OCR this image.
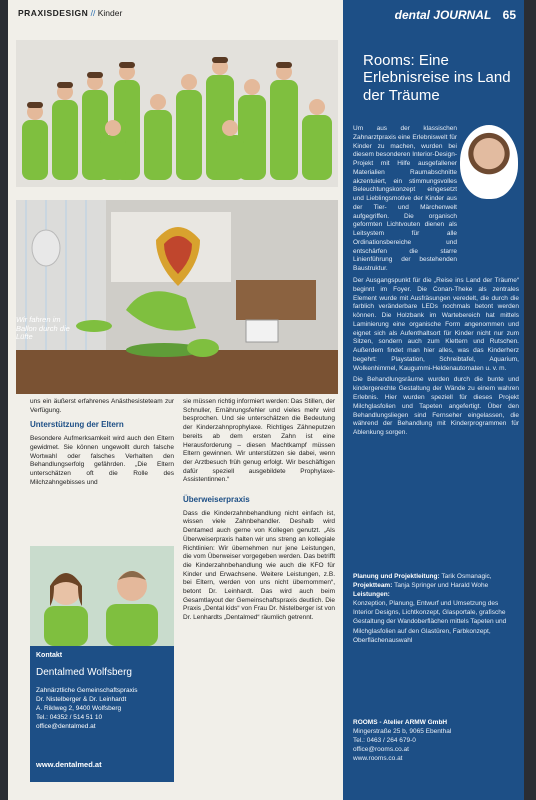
PRAXISDESIGN // Kinder
Wir fahren im Ballon durch die Lüfte

uns ein äußerst erfahrenes Anästhesisteteam zur Verfügung.

Unterstützung der Eltern

Besondere Aufmerksamkeit wird auch den Eltern gewidmet. Sie können ungewollt durch falsche Wortwahl oder falsches Verhalten den Behandlungserfolg gefährden. „Die Eltern unterschätzen oft die Rolle des Milchzahngebisses und

Kontakt
Dentalmed Wolfsberg
Zahnärztliche Gemeinschaftspraxis
Dr. Nistelberger & Dr. Leinhardt
A. Riklweg 2, 9400 Wolfsberg
Tel.: 04352 / 514 51 10
office@dentalmed.at
www.dentalmed.at

sie müssen richtig informiert werden: Das Stillen, der Schnuller, Ernährungsfehler und vieles mehr wird besprochen. Und sie unterschätzen die Bedeutung der Kinderzahnprophylaxe. Richtiges Zähneputzen bereits ab dem ersten Zahn ist eine Herausforderung – diesen Machtkampf müssen Eltern gewinnen. Wir unterstützen sie dabei, wenn der Arztbesuch früh genug erfolgt. Wir beschäftigen dafür speziell ausgebildete Prophylaxe-Assistentinnen.“

Überweiserpraxis

Dass die Kinderzahnbehandlung nicht einfach ist, wissen viele Zahnbehandler. Deshalb wird Dentamed auch gerne von Kollegen genutzt. „Als Überweiserpraxis halten wir uns streng an kollegiale Richtlinien: Wir übernehmen nur jene Leistungen, die vom Überweiser vorgegeben werden. Das betrifft die Kinderzahnbehandlung wie auch die KFO für Kinder und Erwachsene. Weitere Leistungen, z.B. bei Eltern, werden von uns nicht übernommen“, betont Dr. Leinhardt. Das wird auch beim Gesamtlayout der Gemeinschaftspraxis deutlich. Die Praxis „Dental kids“ von Frau Dr. Nistelberger ist von Dr. Lenhardts „Dentalmed“ räumlich getrennt.

dental JOURNAL 65
Rooms: Eine Erlebnisreise ins Land der Träume

Um aus der klassischen Zahnarztpraxis eine Erlebniswelt für Kinder zu machen, wurden bei diesem besonderen Interior-Design-Projekt mit Hilfe ausgefallener Materialien Raumabschnitte akzentuiert, ein stimmungsvolles Beleuchtungskonzept eingesetzt und Lieblingsmotive der Kinder aus der Tier- und Märchenwelt aufgegriffen. Die organisch geformten Lichtvouten dienen als Leitsystem für alle Ordinationsbereiche und entschärfen die starre Linienführung der bestehenden Baustruktur.

Der Ausgangspunkt für die „Reise ins Land der Träume“ beginnt im Foyer. Die Conan-Theke als zentrales Element wurde mit Ausfräsungen veredelt, die durch die farblich veränderbare LEDs nochmals betont werden können. Die Holzbank im Wartebereich hat mittels Laminierung eine organische Form angenommen und eignet sich als Aufenthaltsort für Kinder nicht nur zum Sitzen, sondern auch zum Klettern und Rutschen. Außerdem findet man hier alles, was das Kinderherz begehrt: Playstation, Schreibtafel, Aquarium, Wolkenhimmel, Kaugummi-Heldenautomaten u. v. m.

Die Behandlungsräume wurden durch die bunte und kindergerechte Gestaltung der Wände zu einem wahren Erlebnis. Hier wurden speziell für dieses Projekt Milchglasfolien und Tapeten angefertigt. Über den Behandlungsliegen sind Fernseher eingelassen, die während der Behandlung mit Kinderprogrammen für Ablenkung sorgen.

Planung und Projektleitung: Tarik Osmanagic, Projektteam: Tanja Springer und Harald Wohe
Leistungen:
Konzeption, Planung, Entwurf und Umsetzung des Interior Designs, Lichtkonzept, Glasportale, grafische Gestaltung der Wandoberflächen mittels Tapeten und Milchglasfolien auf den Glastüren, Farbkonzept, Oberflächenauswahl
ROOMS - Atelier ARMW GmbH
Mingerstraße 25 b, 9065 Ebenthal
Tel.: 0463 / 264 679-0
office@rooms.co.at
www.rooms.co.at
